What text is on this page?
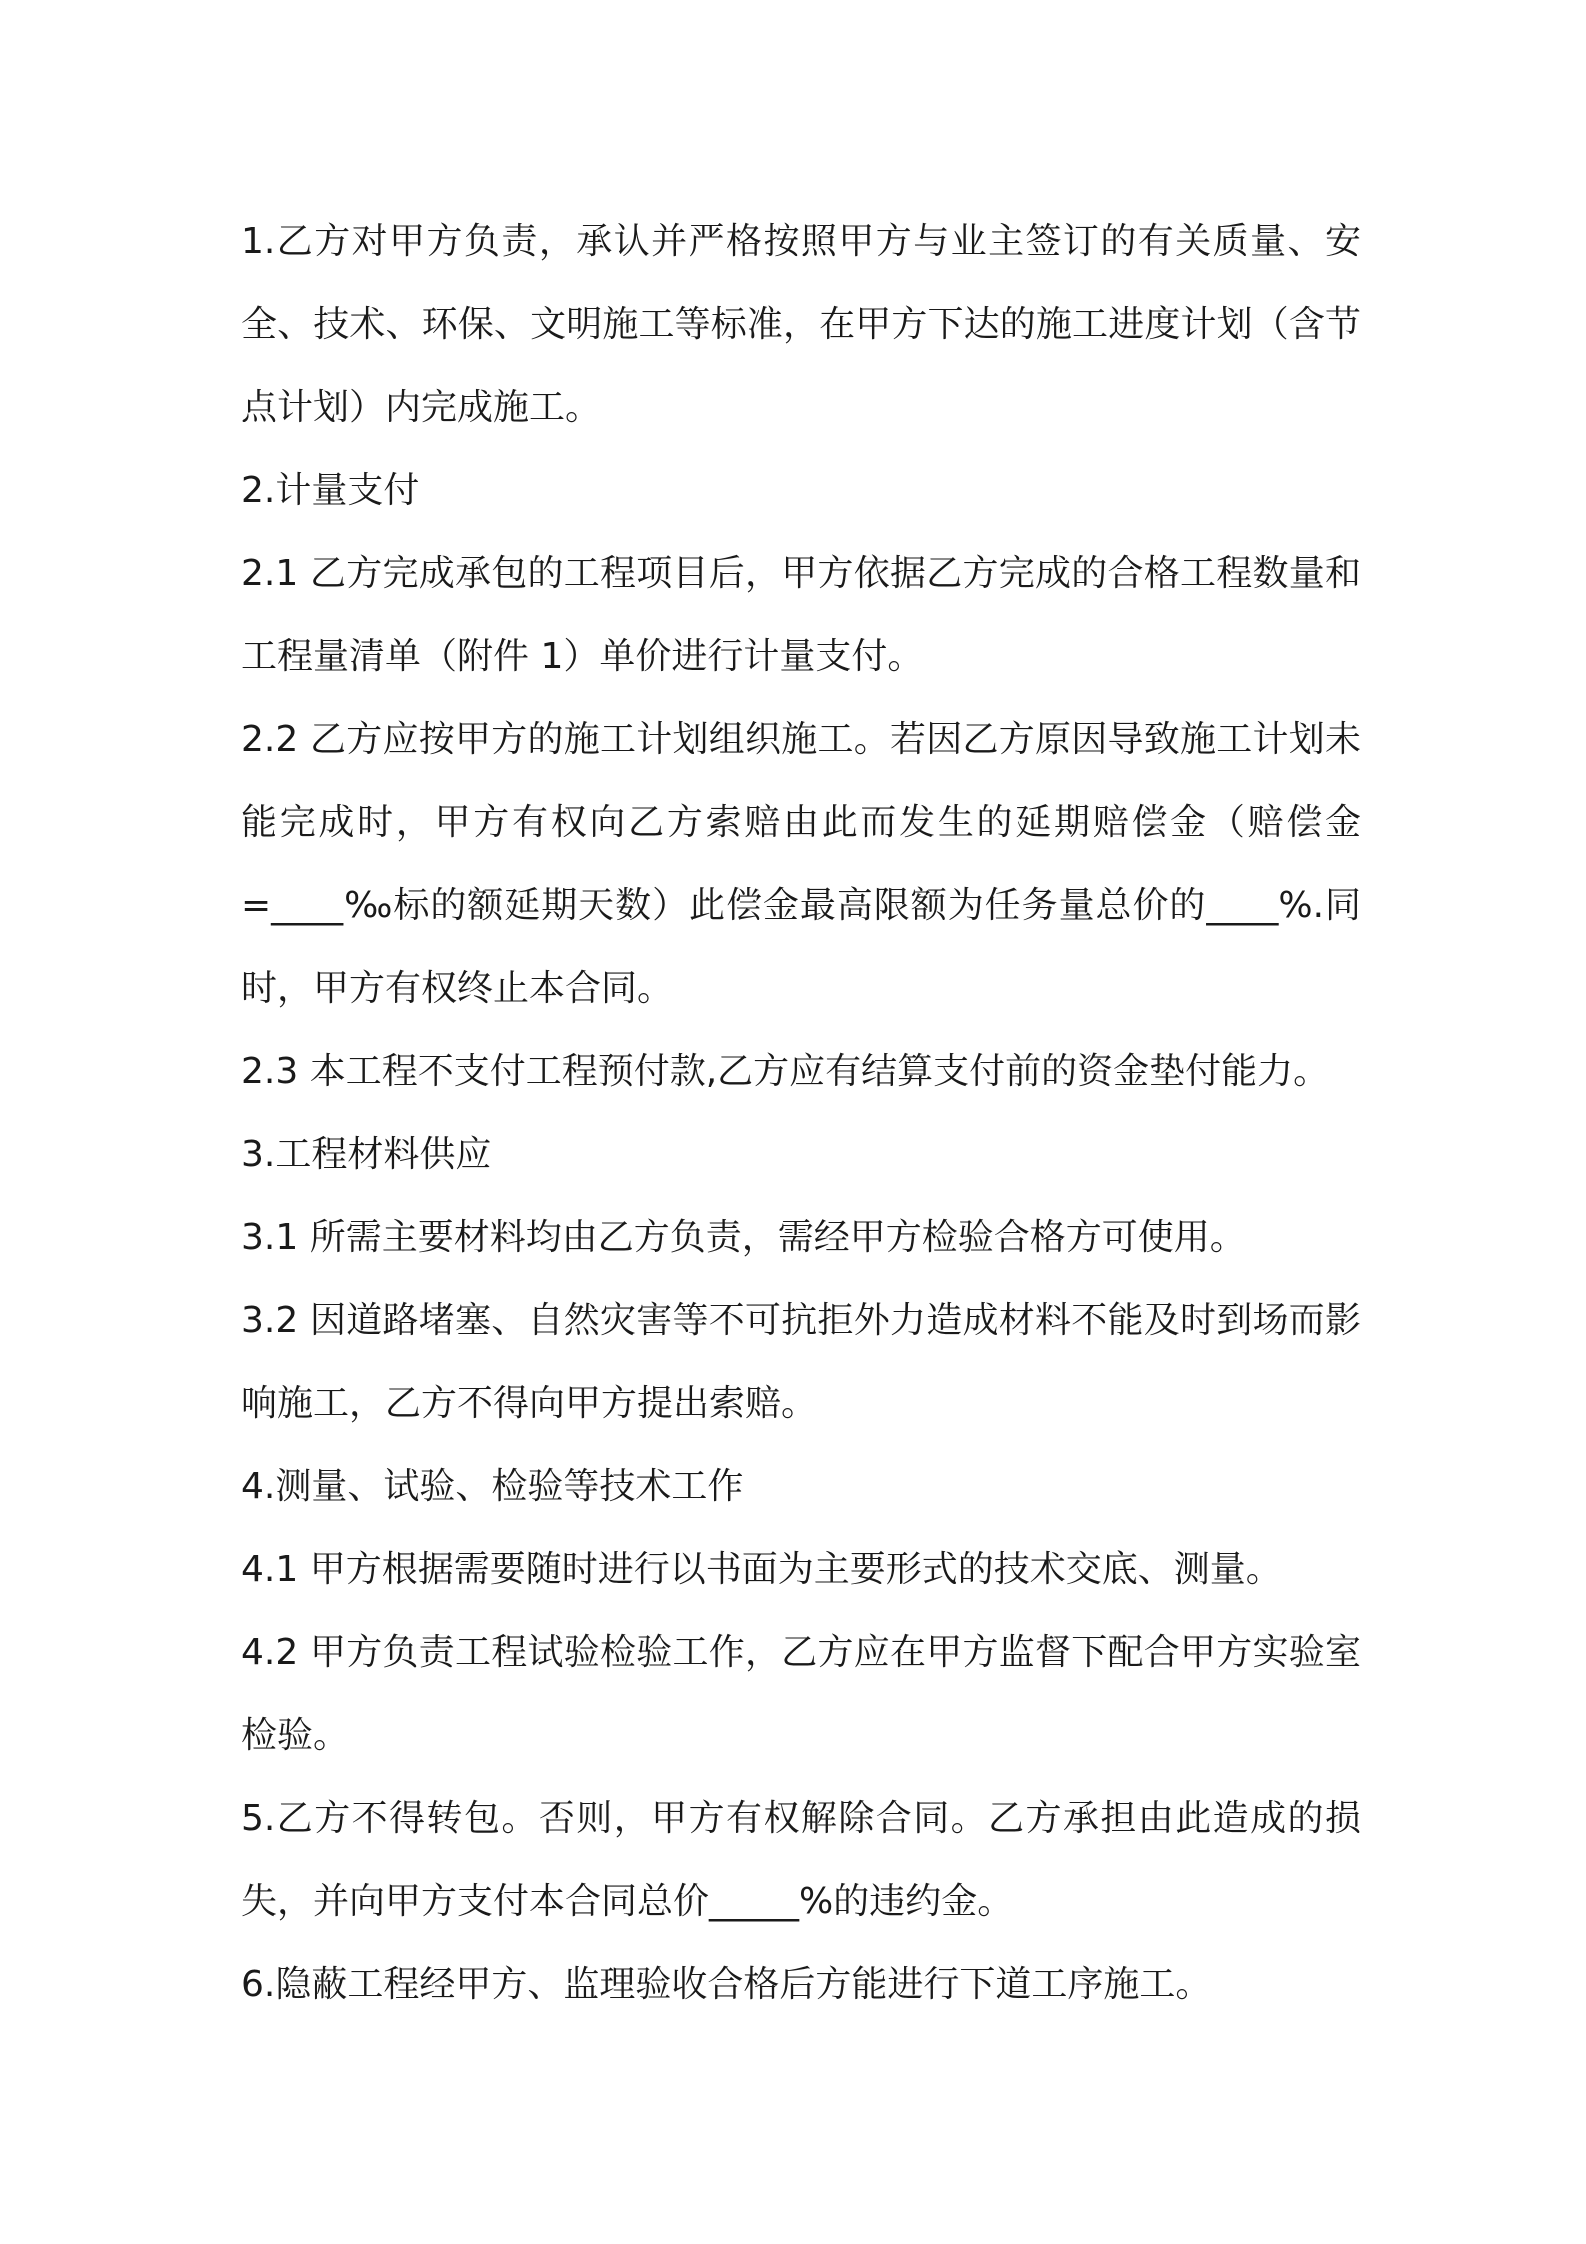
1.乙方对甲方负责，承认并严格按照甲方与业主签订的有关质量、安全、技术、环保、文明施工等标准，在甲方下达的施工进度计划（含节点计划）内完成施工。

2.计量支付

2.1 乙方完成承包的工程项目后，甲方依据乙方完成的合格工程数量和工程量清单（附件 1）单价进行计量支付。

2.2 乙方应按甲方的施工计划组织施工。若因乙方原因导致施工计划未能完成时，甲方有权向乙方索赔由此而发生的延期赔偿金（赔偿金=____‰标的额延期天数）此偿金最高限额为任务量总价的____%.同时，甲方有权终止本合同。

2.3 本工程不支付工程预付款,乙方应有结算支付前的资金垫付能力。

3.工程材料供应

3.1 所需主要材料均由乙方负责，需经甲方检验合格方可使用。

3.2 因道路堵塞、自然灾害等不可抗拒外力造成材料不能及时到场而影响施工，乙方不得向甲方提出索赔。

4.测量、试验、检验等技术工作

4.1 甲方根据需要随时进行以书面为主要形式的技术交底、测量。

4.2 甲方负责工程试验检验工作，乙方应在甲方监督下配合甲方实验室检验。

5.乙方不得转包。否则，甲方有权解除合同。乙方承担由此造成的损失，并向甲方支付本合同总价_____%的违约金。

6.隐蔽工程经甲方、监理验收合格后方能进行下道工序施工。
